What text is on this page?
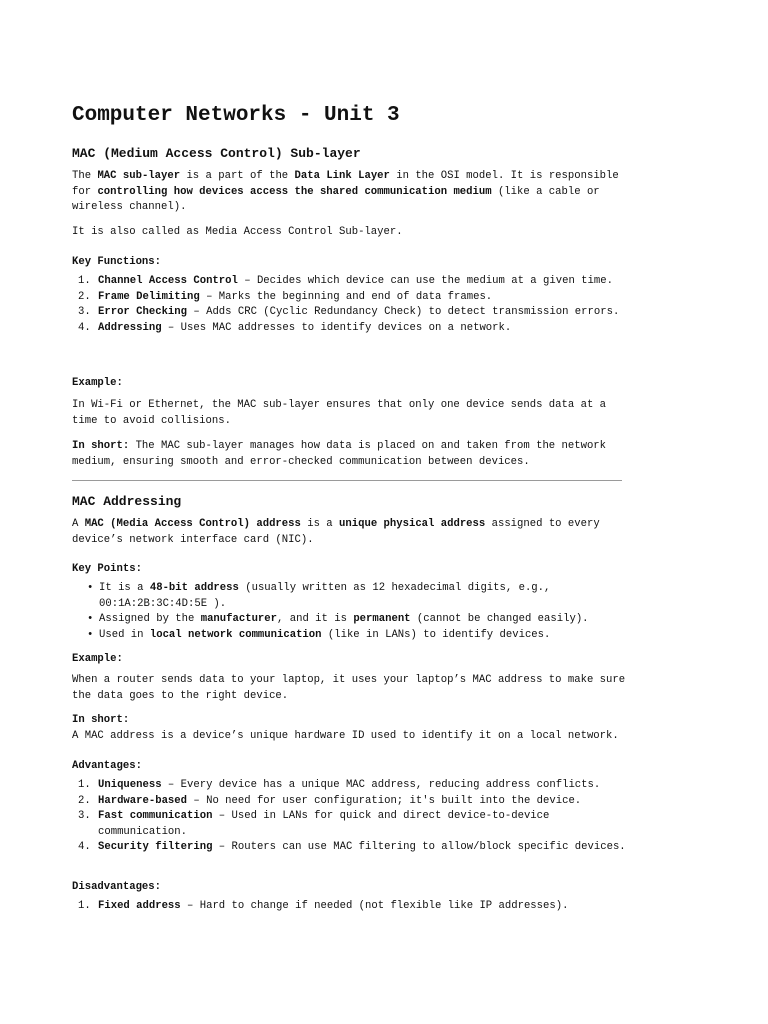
Computer Networks - Unit 3
MAC (Medium Access Control) Sub-layer

The MAC sub-layer is a part of the Data Link Layer in the OSI model. It is responsible for controlling how devices access the shared communication medium (like a cable or wireless channel).

It is also called as Media Access Control Sub-layer.

Key Functions:

1. Channel Access Control – Decides which device can use the medium at a given time.
2. Frame Delimiting – Marks the beginning and end of data frames.
3. Error Checking – Adds CRC (Cyclic Redundancy Check) to detect transmission errors.
4. Addressing – Uses MAC addresses to identify devices on a network.

Example:

In Wi-Fi or Ethernet, the MAC sub-layer ensures that only one device sends data at a time to avoid collisions.

In short: The MAC sub-layer manages how data is placed on and taken from the network medium, ensuring smooth and error-checked communication between devices.

MAC Addressing

A MAC (Media Access Control) address is a unique physical address assigned to every device’s network interface card (NIC).

Key Points:

• It is a 48-bit address (usually written as 12 hexadecimal digits, e.g., 00:1A:2B:3C:4D:5E ).
• Assigned by the manufacturer, and it is permanent (cannot be changed easily).
• Used in local network communication (like in LANs) to identify devices.

Example:

When a router sends data to your laptop, it uses your laptop’s MAC address to make sure the data goes to the right device.

In short:

A MAC address is a device’s unique hardware ID used to identify it on a local network.

Advantages:

1. Uniqueness – Every device has a unique MAC address, reducing address conflicts.
2. Hardware-based – No need for user configuration; it's built into the device.
3. Fast communication – Used in LANs for quick and direct device-to-device communication.
4. Security filtering – Routers can use MAC filtering to allow/block specific devices.

Disadvantages:

1. Fixed address – Hard to change if needed (not flexible like IP addresses).
